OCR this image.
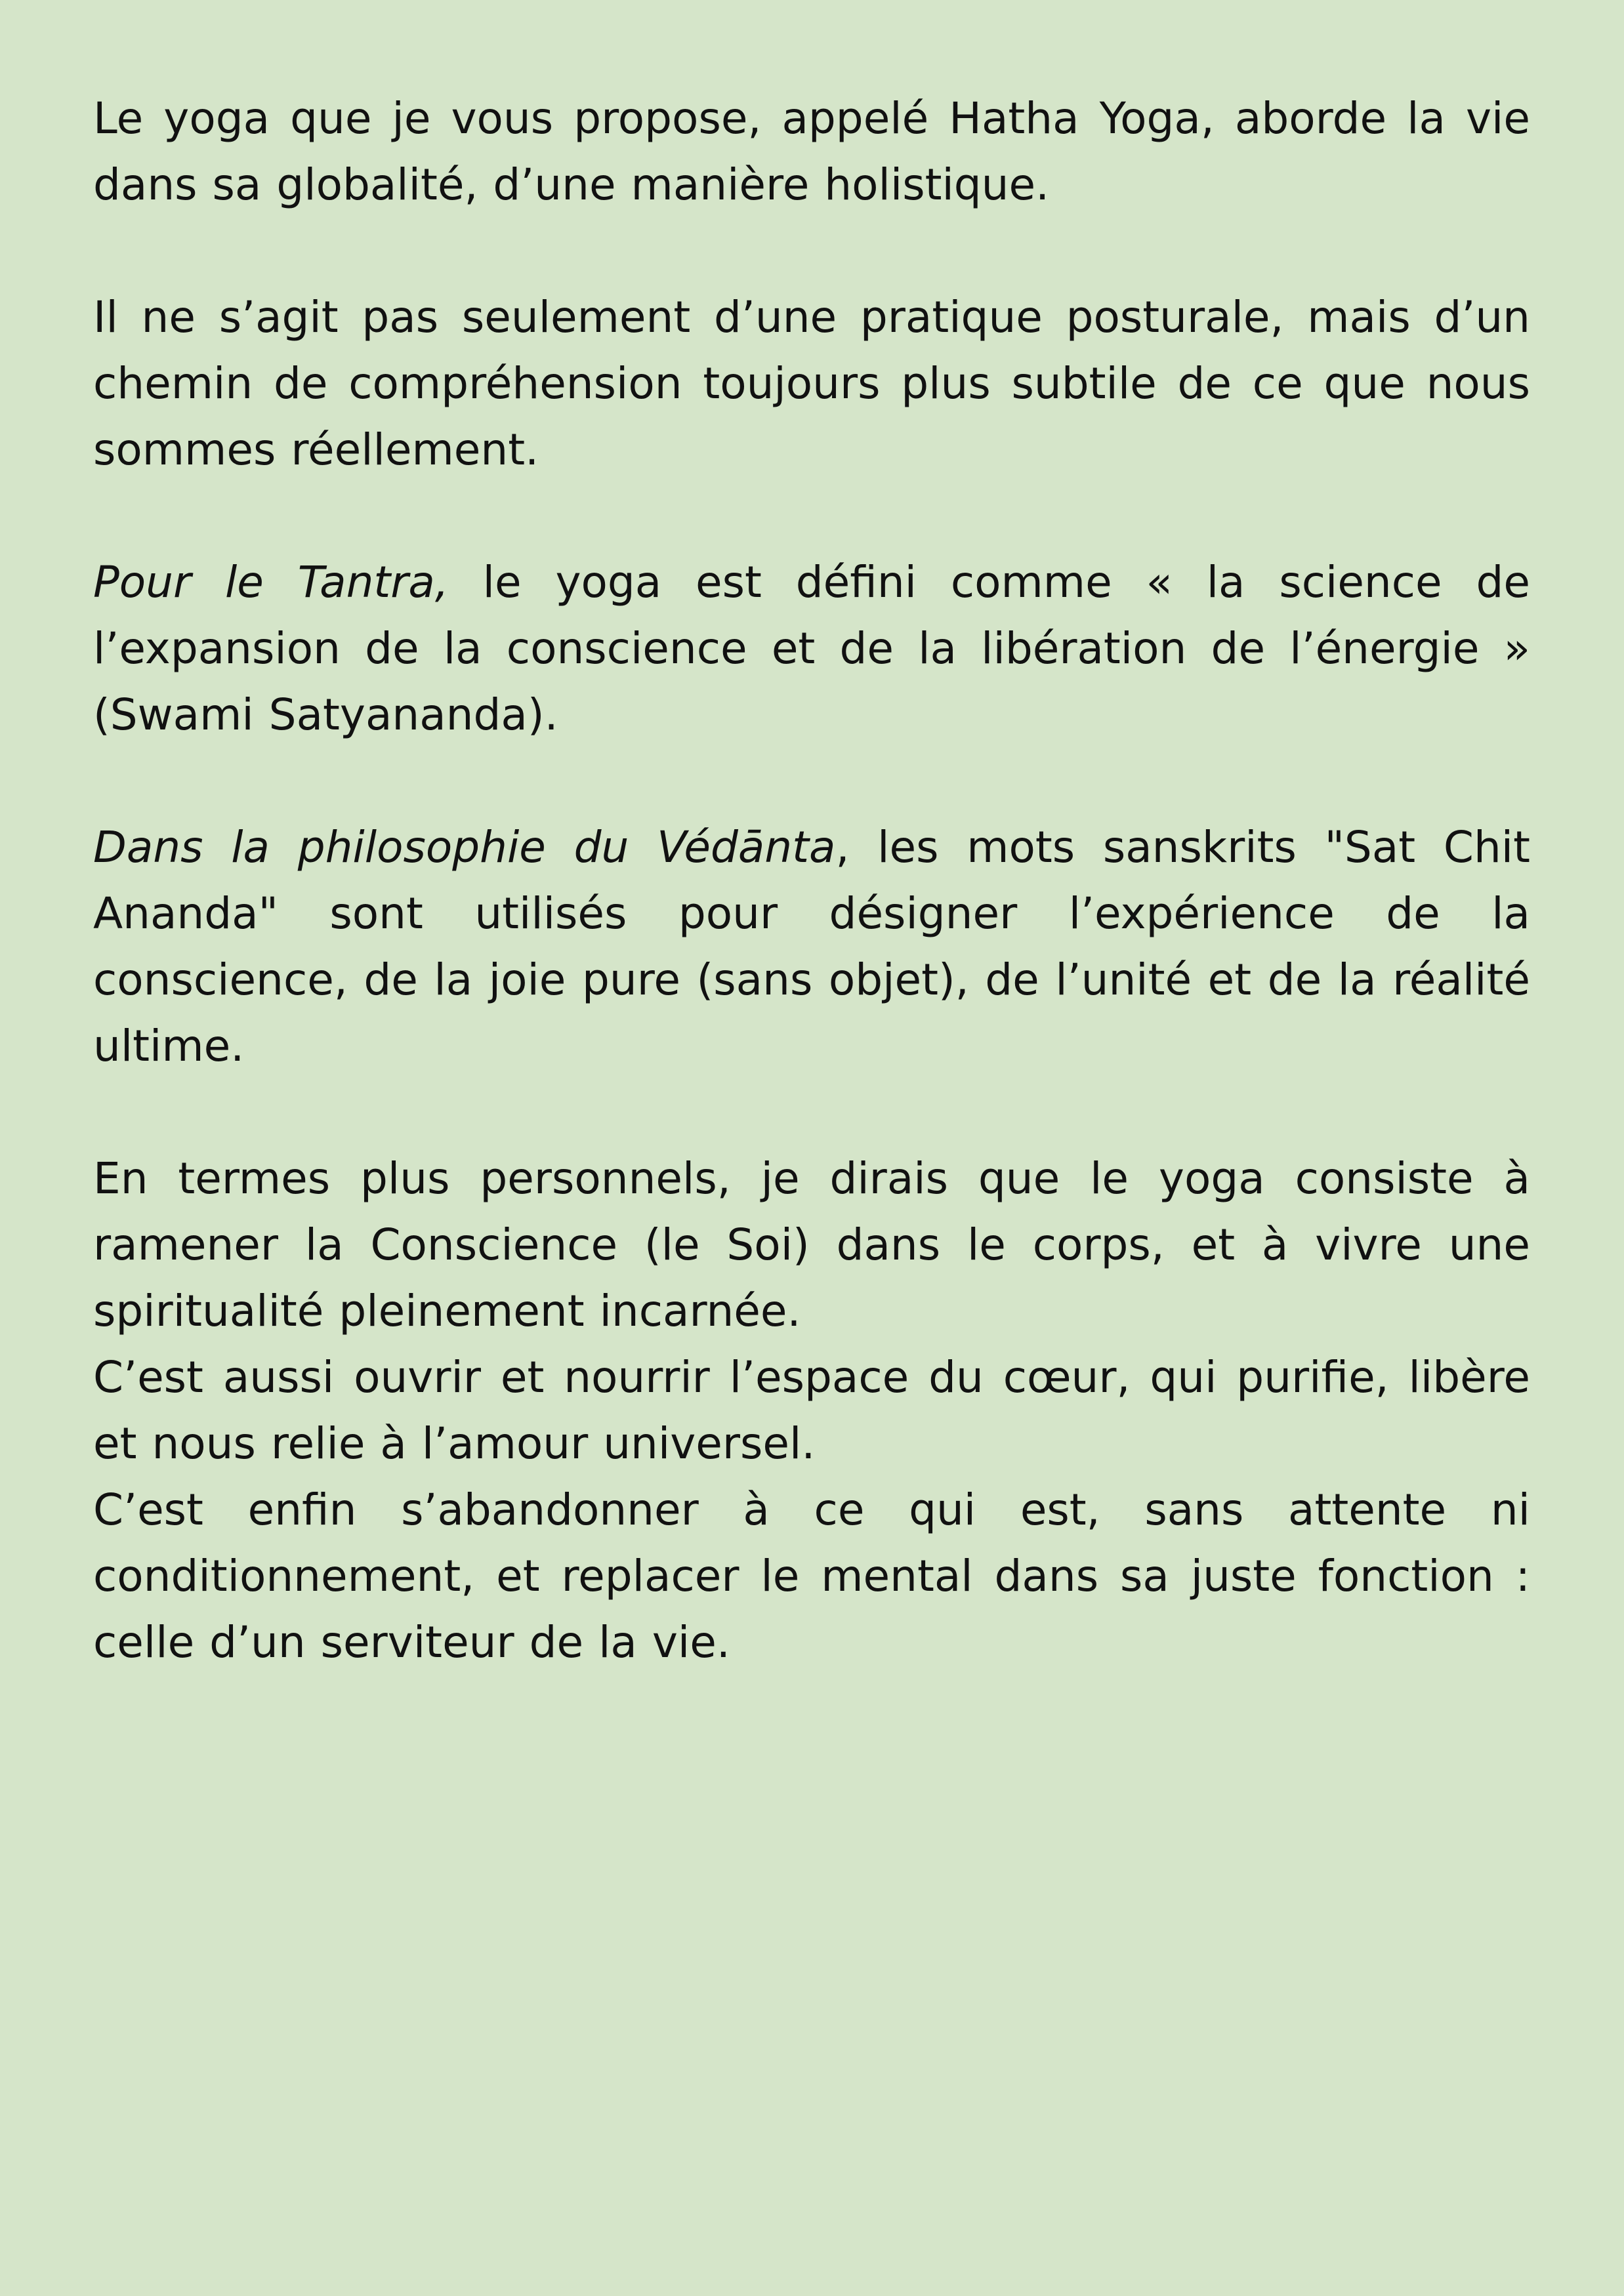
Le yoga que je vous propose, appelé Hatha Yoga, aborde la vie dans sa globalité, d’une manière holistique.

Il ne s’agit pas seulement d’une pratique posturale, mais d’un chemin de compréhension toujours plus subtile de ce que nous sommes réellement.

Pour le Tantra, le yoga est défini comme « la science de l’expansion de la conscience et de la libération de l’énergie » (Swami Satyananda).

Dans la philosophie du Védānta, les mots sanskrits "Sat Chit Ananda" sont utilisés pour désigner l’expérience de la conscience, de la joie pure (sans objet), de l’unité et de la réalité ultime.

En termes plus personnels, je dirais que le yoga consiste à ramener la Conscience (le Soi) dans le corps, et à vivre une spiritualité pleinement incarnée.

C’est aussi ouvrir et nourrir l’espace du cœur, qui purifie, libère et nous relie à l’amour universel.

C’est enfin s’abandonner à ce qui est, sans attente ni conditionnement, et replacer le mental dans sa juste fonction : celle d’un serviteur de la vie.
